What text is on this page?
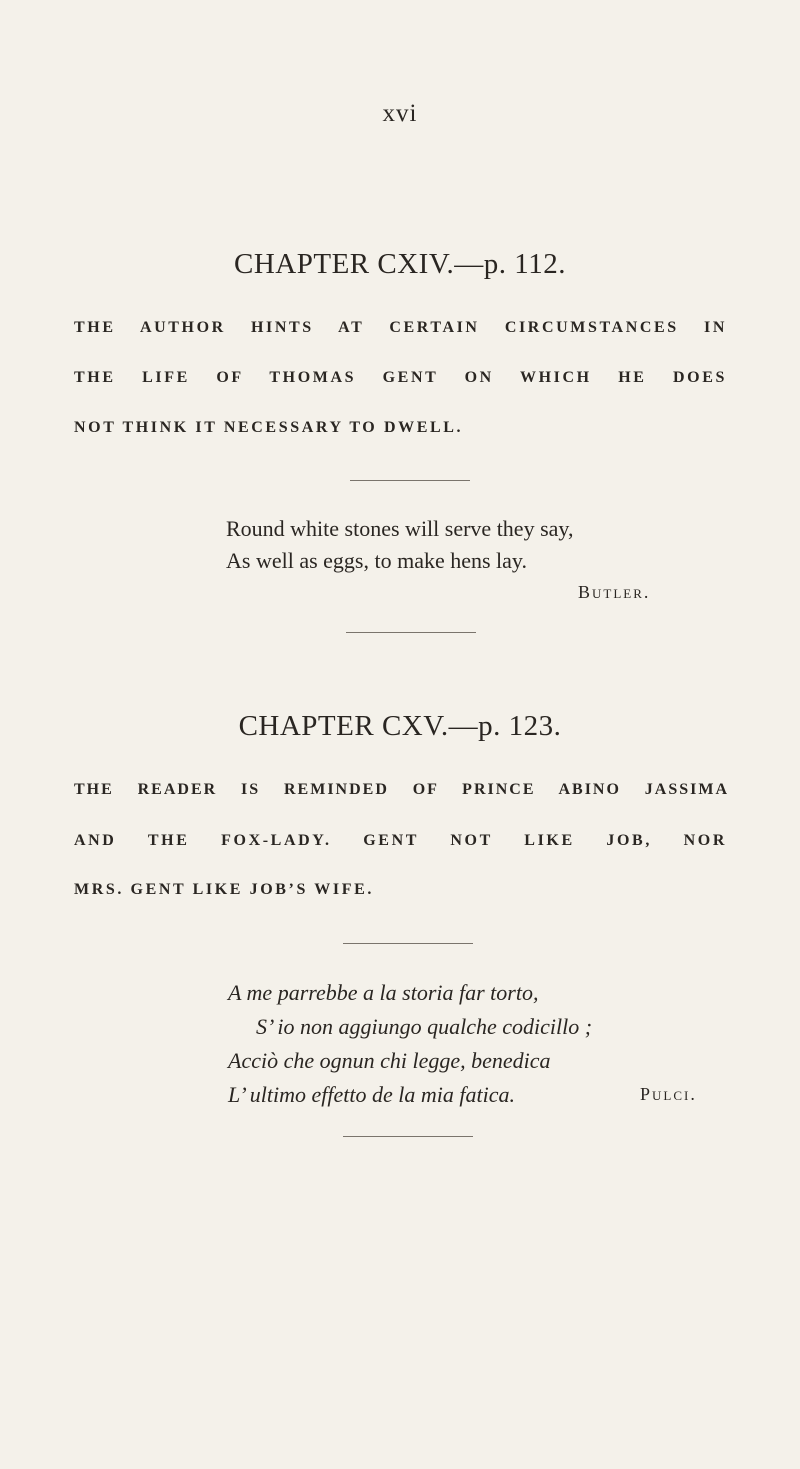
xvi
CHAPTER CXIV.—p. 112.
THE AUTHOR HINTS AT CERTAIN CIRCUMSTANCES IN
THE LIFE OF THOMAS GENT ON WHICH HE DOES
NOT THINK IT NECESSARY TO DWELL.
Round white stones will serve they say,
As well as eggs, to make hens lay.
Butler.
CHAPTER CXV.—p. 123.
THE READER IS REMINDED OF PRINCE ABINO JASSIMA
AND THE FOX-LADY. GENT NOT LIKE JOB, NOR
MRS. GENT LIKE JOB’S WIFE.
A me parrebbe a la storia far torto,
S’ io non aggiungo qualche codicillo ;
Acciò che ognun chi legge, benedica
L’ ultimo effetto de la mia fatica.	Pulci.
